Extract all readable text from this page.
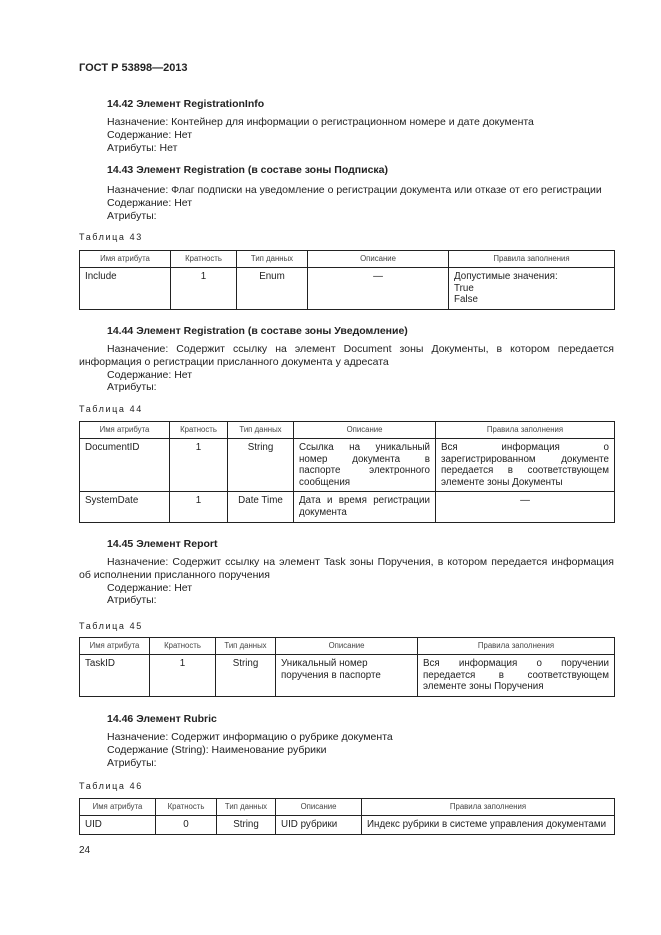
ГОСТ Р 53898—2013
14.42 Элемент RegistrationInfo
Назначение: Контейнер для информации о регистрационном номере и дате документа
Содержание: Нет
Атрибуты: Нет
14.43 Элемент Registration (в составе зоны Подписка)
Назначение: Флаг подписки на уведомление о регистрации документа или отказе от его регистрации
Содержание: Нет
Атрибуты:
14.44 Элемент Registration (в составе зоны Уведомление)
Назначение: Содержит ссылку на элемент Document зоны Документы, в котором передается информация о регистрации присланного документа у адресата
Содержание: Нет
Атрибуты:
14.45 Элемент Report
Назначение: Содержит ссылку на элемент Task зоны Поручения, в котором передается информация об исполнении присланного поручения
Содержание: Нет
Атрибуты:
14.46 Элемент Rubric
Назначение: Содержит информацию о рубрике документа
Содержание (String): Наименование рубрики
Атрибуты:
Таблица 43
Имя атрибута	Кратность	Тип данных	Описание	Правила заполнения
Include	1	Enum	—	Допустимые значения:
True
False
Таблица 44
Имя атрибута	Кратность	Тип данных	Описание	Правила заполнения
DocumentID	1	String	Ссылка на уникальный номер документа в паспорте электронного сообщения	Вся информация о зарегистрированном документе передается в соответствующем элементе зоны Документы
SystemDate	1	Date Time	Дата и время регистрации документа	—
Таблица 45
Имя атрибута	Кратность	Тип данных	Описание	Правила заполнения
TaskID	1	String	Уникальный номер поручения в паспорте	Вся информация о поручении передается в соответствующем элементе зоны Поручения
Таблица 46
Имя атрибута	Кратность	Тип данных	Описание	Правила заполнения
UID	0	String	UID рубрики	Индекс рубрики в системе управления документами
24
